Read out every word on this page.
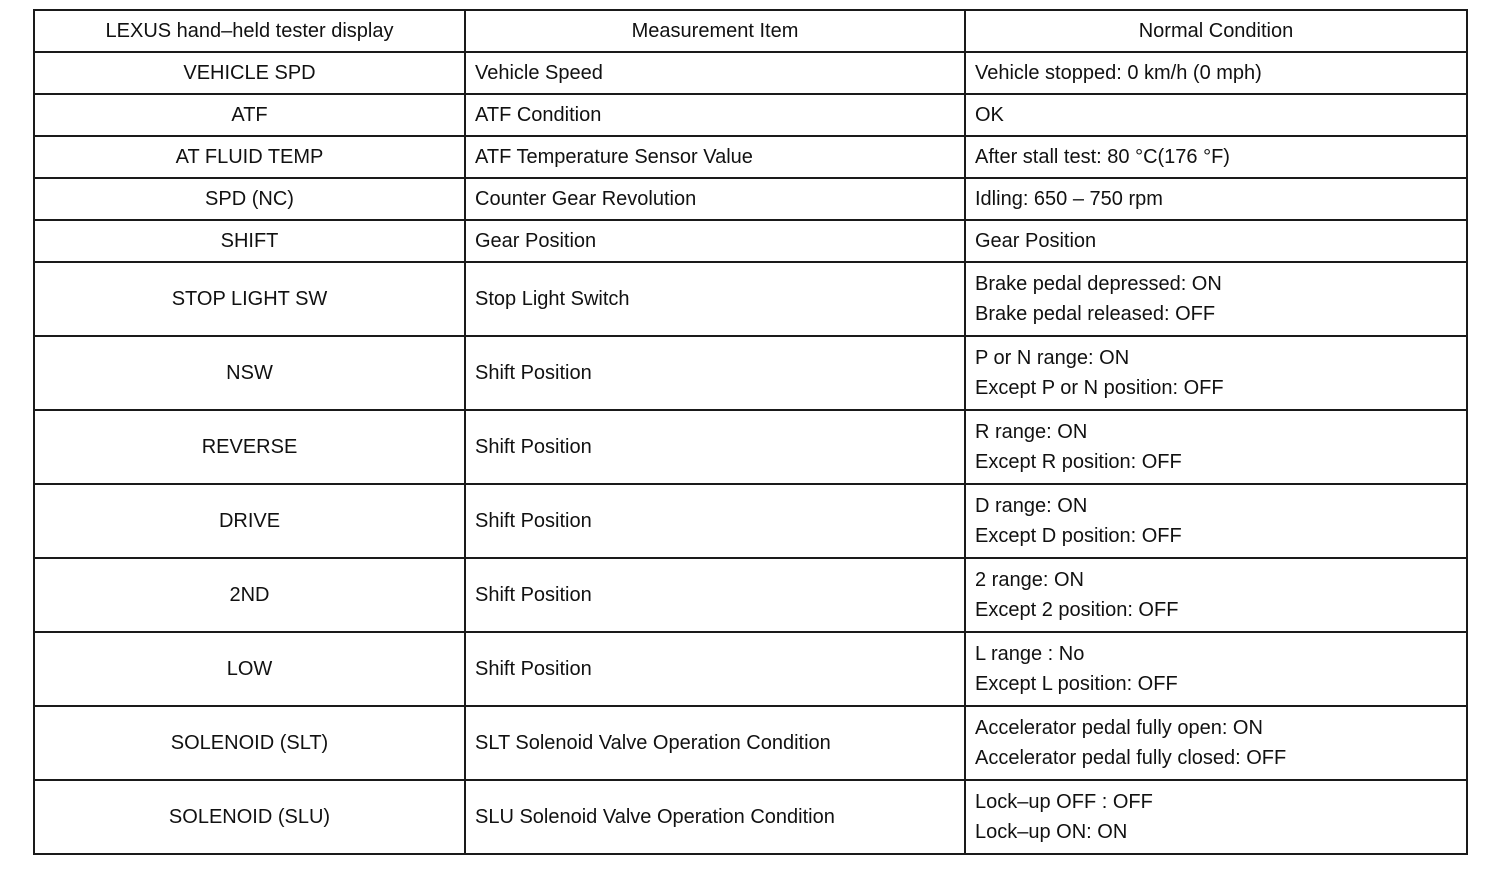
LEXUS hand–held tester display	Measurement Item	Normal Condition
VEHICLE SPD	Vehicle Speed	Vehicle stopped: 0 km/h (0 mph)

ATF	ATF Condition	OK

AT FLUID TEMP	ATF Temperature Sensor Value	After stall test: 80 °C(176 °F)

SPD (NC)	Counter Gear Revolution	Idling: 650 – 750 rpm

SHIFT	Gear Position	Gear Position

STOP LIGHT SW	Stop Light Switch	Brake pedal depressed: ON
Brake pedal released: OFF

NSW	Shift Position	P or N range: ON
Except P or N position: OFF

REVERSE	Shift Position	R range: ON
Except R position: OFF

DRIVE	Shift Position	D range: ON
Except D position: OFF

2ND	Shift Position	2 range: ON
Except 2 position: OFF

LOW	Shift Position	L range : No
Except L position: OFF

SOLENOID (SLT)	SLT Solenoid Valve Operation Condition	Accelerator pedal fully open: ON
Accelerator pedal fully closed: OFF

SOLENOID (SLU)	SLU Solenoid Valve Operation Condition	Lock–up OFF : OFF
Lock–up ON: ON
